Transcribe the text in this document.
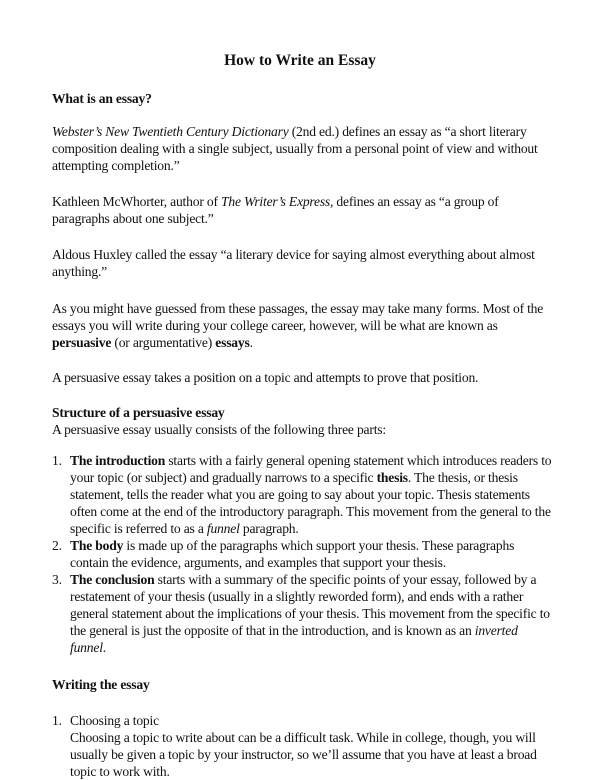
How to Write an Essay

What is an essay?

Webster’s New Twentieth Century Dictionary (2nd ed.) defines an essay as “a short literary composition dealing with a single subject, usually from a personal point of view and without attempting completion.”

Kathleen McWhorter, author of The Writer’s Express, defines an essay as “a group of paragraphs about one subject.”

Aldous Huxley called the essay “a literary device for saying almost everything about almost anything.”

As you might have guessed from these passages, the essay may take many forms. Most of the essays you will write during your college career, however, will be what are known as persuasive (or argumentative) essays.

A persuasive essay takes a position on a topic and attempts to prove that position.

Structure of a persuasive essay

A persuasive essay usually consists of the following three parts:

1. The introduction starts with a fairly general opening statement which introduces readers to your topic (or subject) and gradually narrows to a specific thesis. The thesis, or thesis statement, tells the reader what you are going to say about your topic. Thesis statements often come at the end of the introductory paragraph. This movement from the general to the specific is referred to as a funnel paragraph.
2. The body is made up of the paragraphs which support your thesis. These paragraphs contain the evidence, arguments, and examples that support your thesis.
3. The conclusion starts with a summary of the specific points of your essay, followed by a restatement of your thesis (usually in a slightly reworded form), and ends with a rather general statement about the implications of your thesis. This movement from the specific to the general is just the opposite of that in the introduction, and is known as an inverted funnel.

Writing the essay

1. Choosing a topic
Choosing a topic to write about can be a difficult task. While in college, though, you will usually be given a topic by your instructor, so we’ll assume that you have at least a broad topic to work with.
